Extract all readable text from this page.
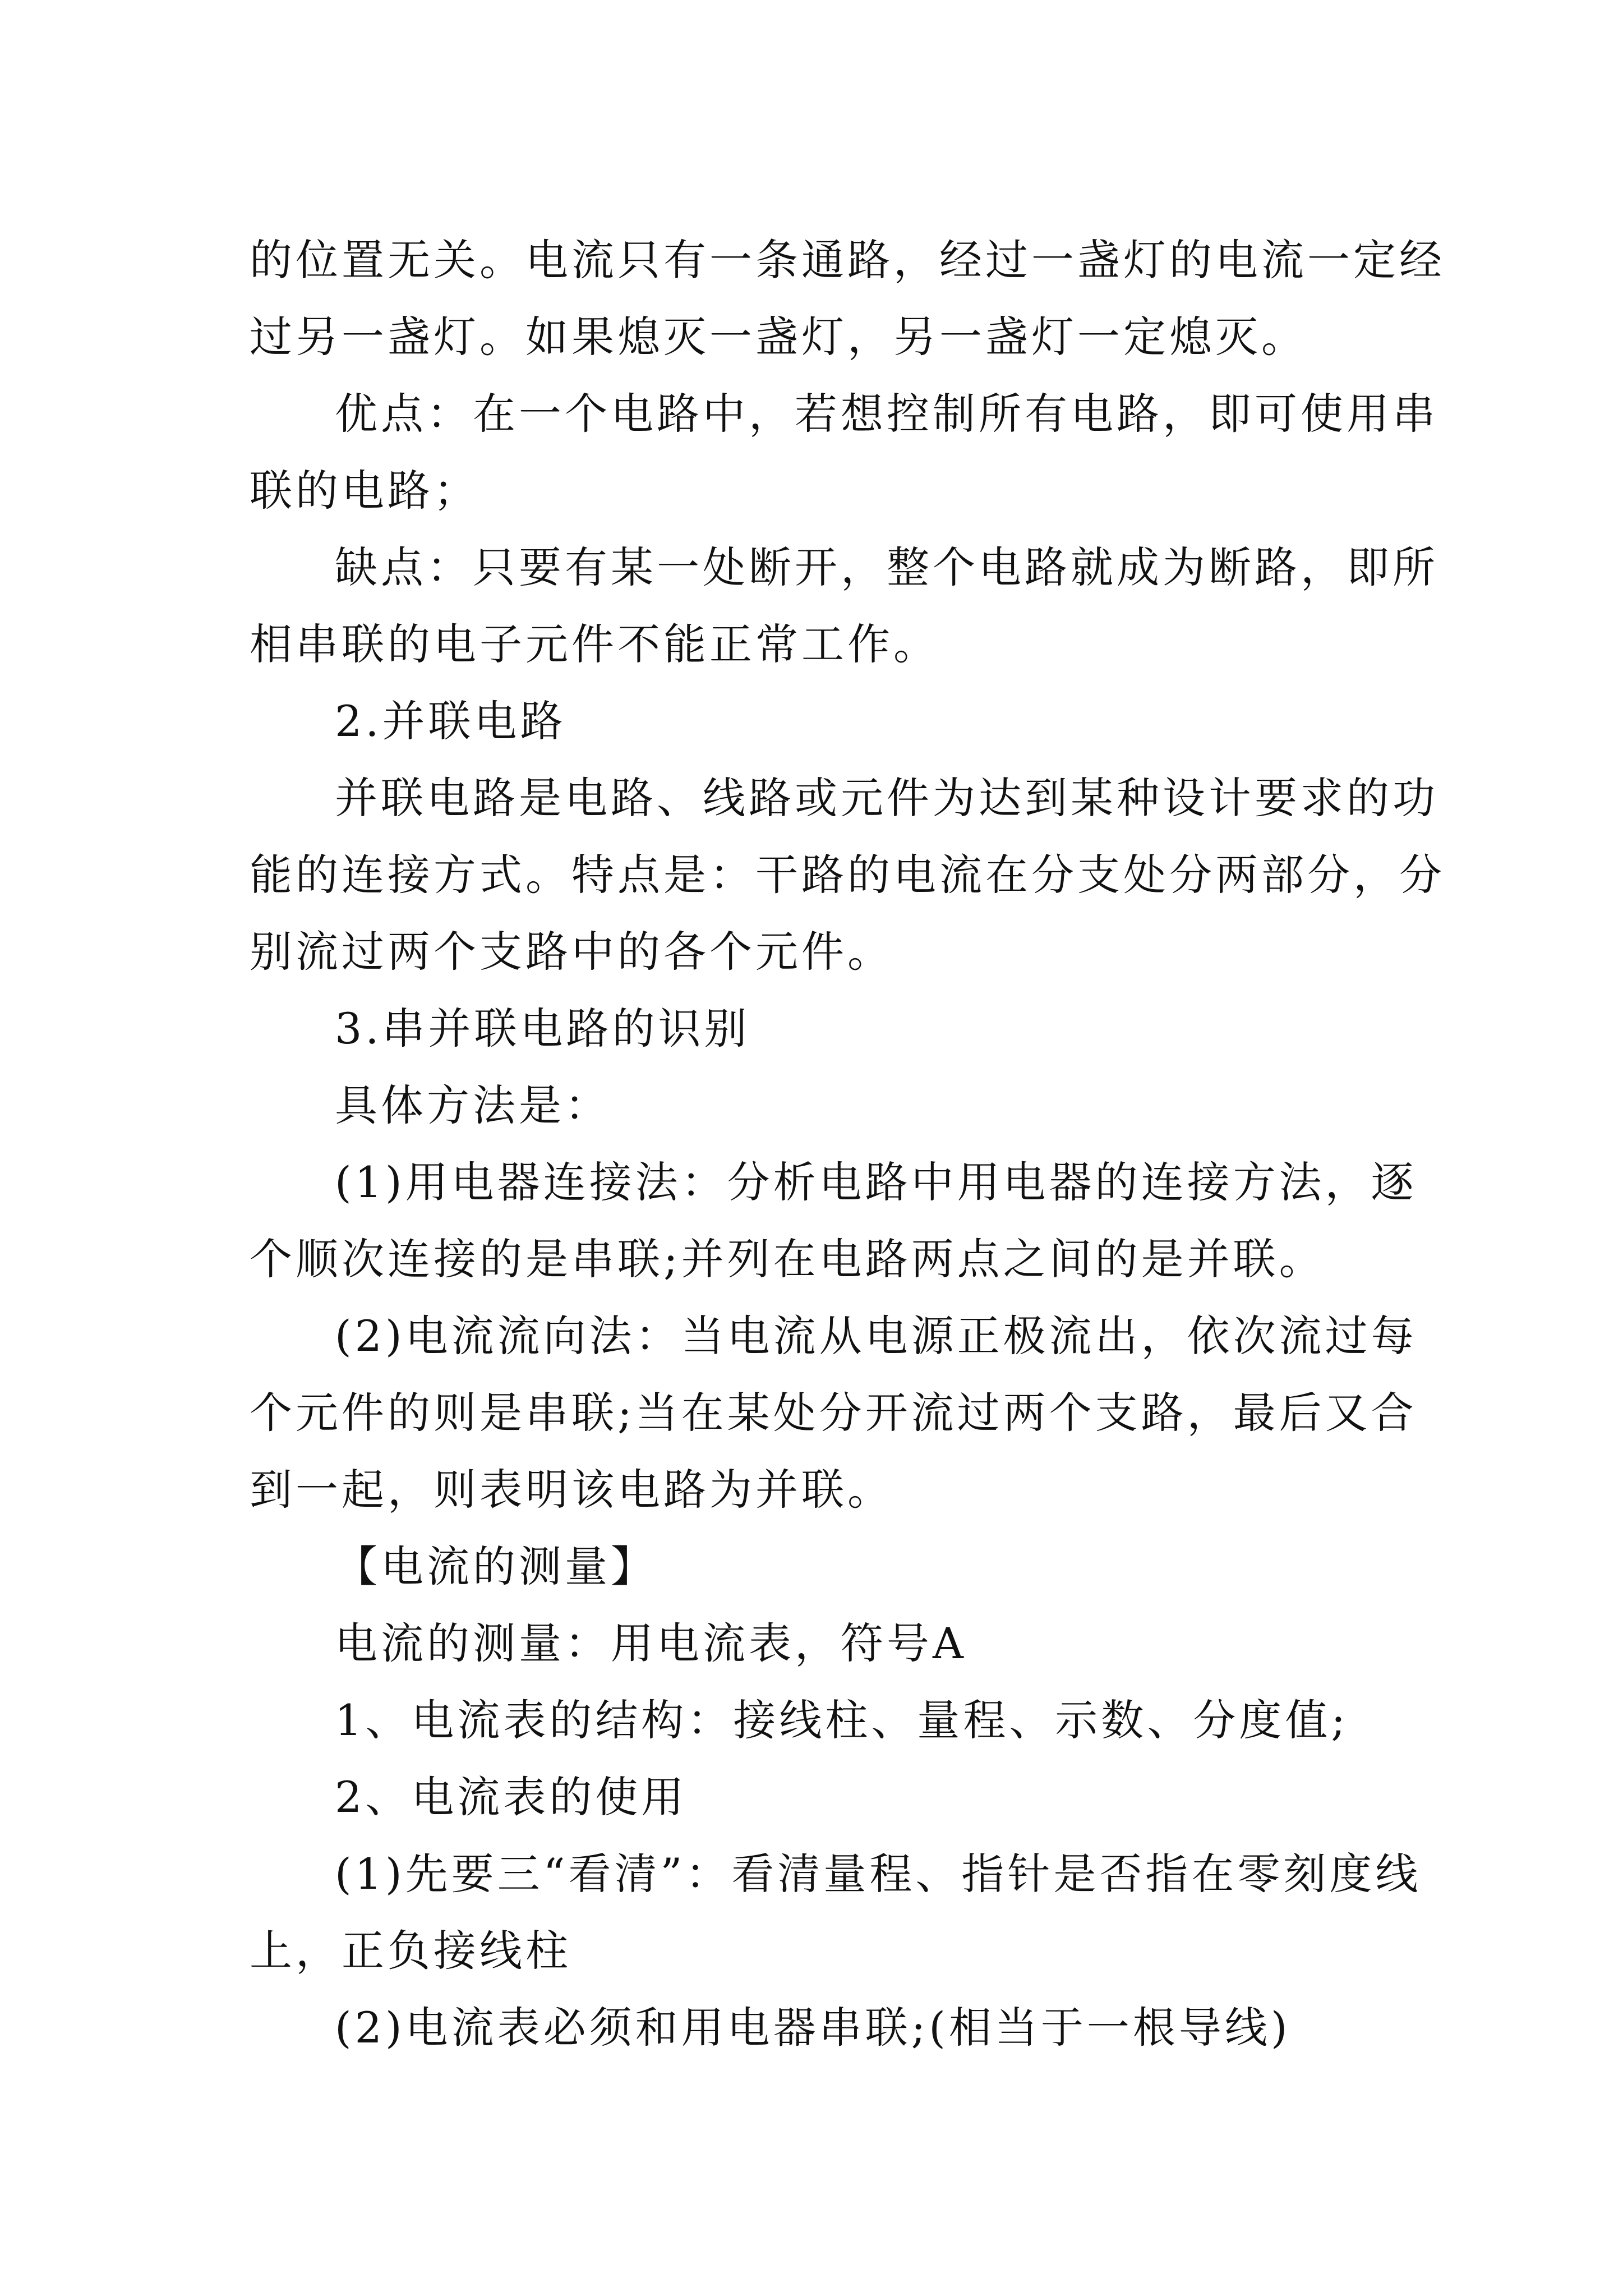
的位置无关。电流只有一条通路，经过一盏灯的电流一定经
过另一盏灯。如果熄灭一盏灯，另一盏灯一定熄灭。

优点：在一个电路中，若想控制所有电路，即可使用串
联的电路；

缺点：只要有某一处断开，整个电路就成为断路，即所
相串联的电子元件不能正常工作。

2.并联电路

并联电路是电路、线路或元件为达到某种设计要求的功
能的连接方式。特点是：干路的电流在分支处分两部分，分
别流过两个支路中的各个元件。

3.串并联电路的识别

具体方法是：

(1)用电器连接法：分析电路中用电器的连接方法，逐
个顺次连接的是串联;并列在电路两点之间的是并联。

(2)电流流向法：当电流从电源正极流出，依次流过每
个元件的则是串联;当在某处分开流过两个支路，最后又合
到一起，则表明该电路为并联。

【电流的测量】

电流的测量：用电流表，符号A

1、电流表的结构：接线柱、量程、示数、分度值;

2、电流表的使用

(1)先要三“看清”：看清量程、指针是否指在零刻度线
上，正负接线柱

(2)电流表必须和用电器串联;(相当于一根导线)
